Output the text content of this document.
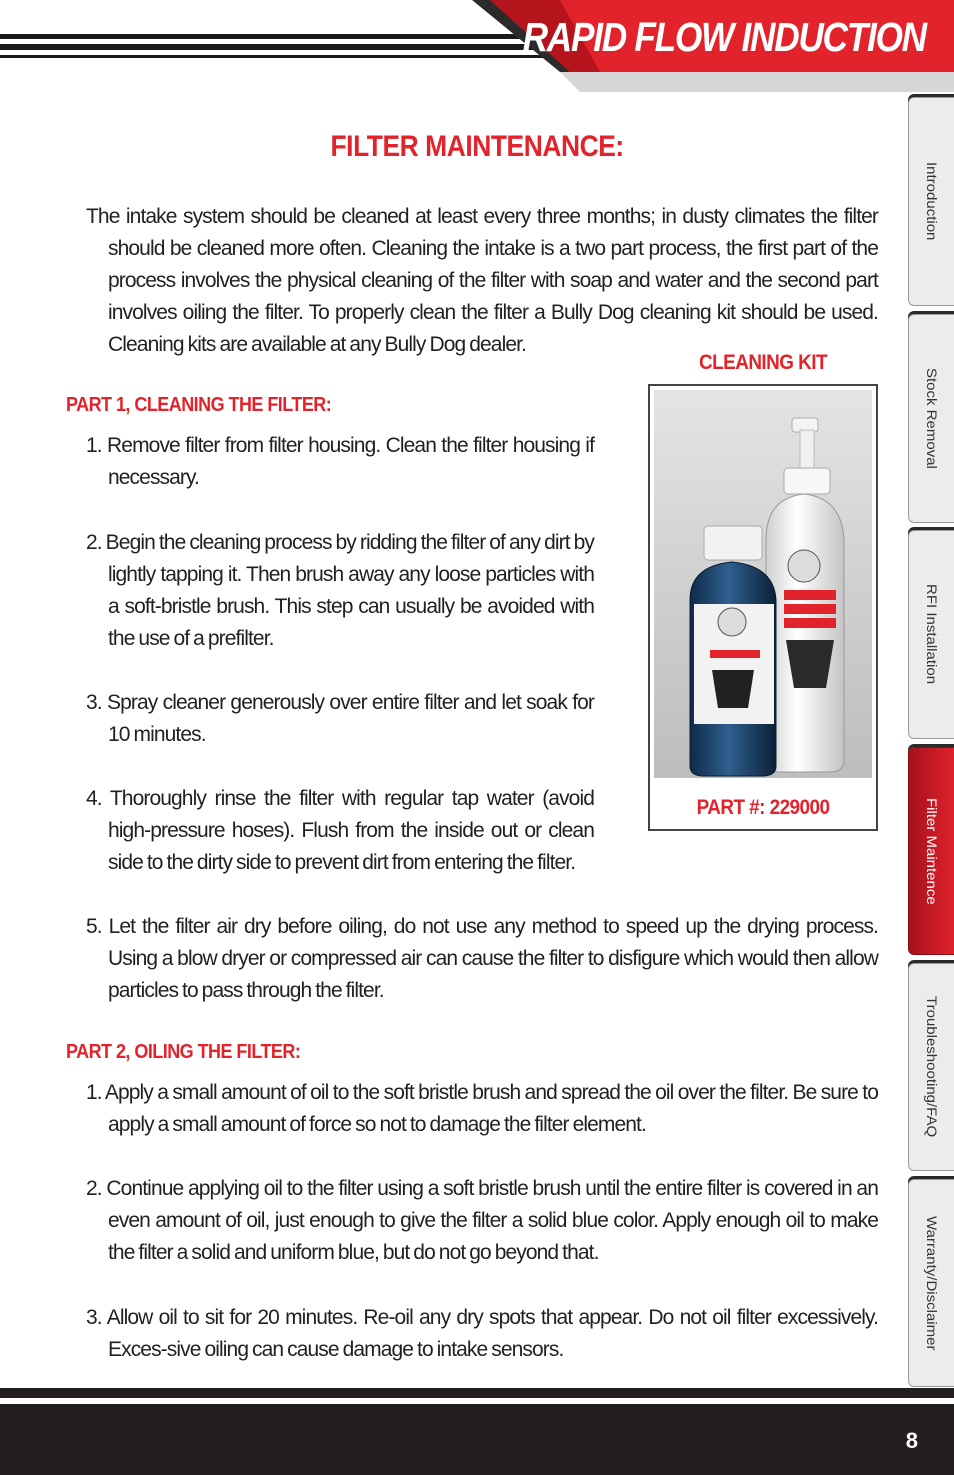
RAPID FLOW INDUCTION
Introduction
Stock Removal
RFI Installation
Filter Maintence
Troubleshooting/FAQ
Warranty/Disclaimer
FILTER MAINTENANCE:
The intake system should be cleaned at least every three months; in dusty climates the filter should be cleaned more often. Cleaning the intake is a two part process, the first part of the process involves the physical cleaning of the filter with soap and water and the second part involves oiling the filter. To properly clean the filter a Bully Dog cleaning kit should be used. Cleaning kits are available at any Bully Dog dealer.
PART 1, CLEANING THE FILTER:
1. Remove filter from filter housing. Clean the filter housing if necessary.
2. Begin the cleaning process by ridding the filter of any dirt by lightly tapping it. Then brush away any loose particles with a soft-bristle brush. This step can usually be avoided with the use of a prefilter.
3. Spray cleaner generously over entire filter and let soak for 10 minutes.
4. Thoroughly rinse the filter with regular tap water (avoid high-pressure hoses). Flush from the inside out or clean side to the dirty side to prevent dirt from entering the filter.
5. Let the filter air dry before oiling, do not use any method to speed up the drying process. Using a blow dryer or compressed air can cause the filter to disfigure which would then allow particles to pass through the filter.
PART 2, OILING THE FILTER:
1. Apply a small amount of oil to the soft bristle brush and spread the oil over the filter. Be sure to apply a small amount of force so not to damage the filter element.
2. Continue applying oil to the filter using a soft bristle brush until the entire filter is covered in an even amount of oil, just enough to give the filter a solid blue color. Apply enough oil to make the filter a solid and uniform blue, but do not go beyond that.
3. Allow oil to sit for 20 minutes. Re-oil any dry spots that appear. Do not oil filter excessively. Exces-sive oiling can cause damage to intake sensors.
CLEANING KIT
PART #: 229000
8
